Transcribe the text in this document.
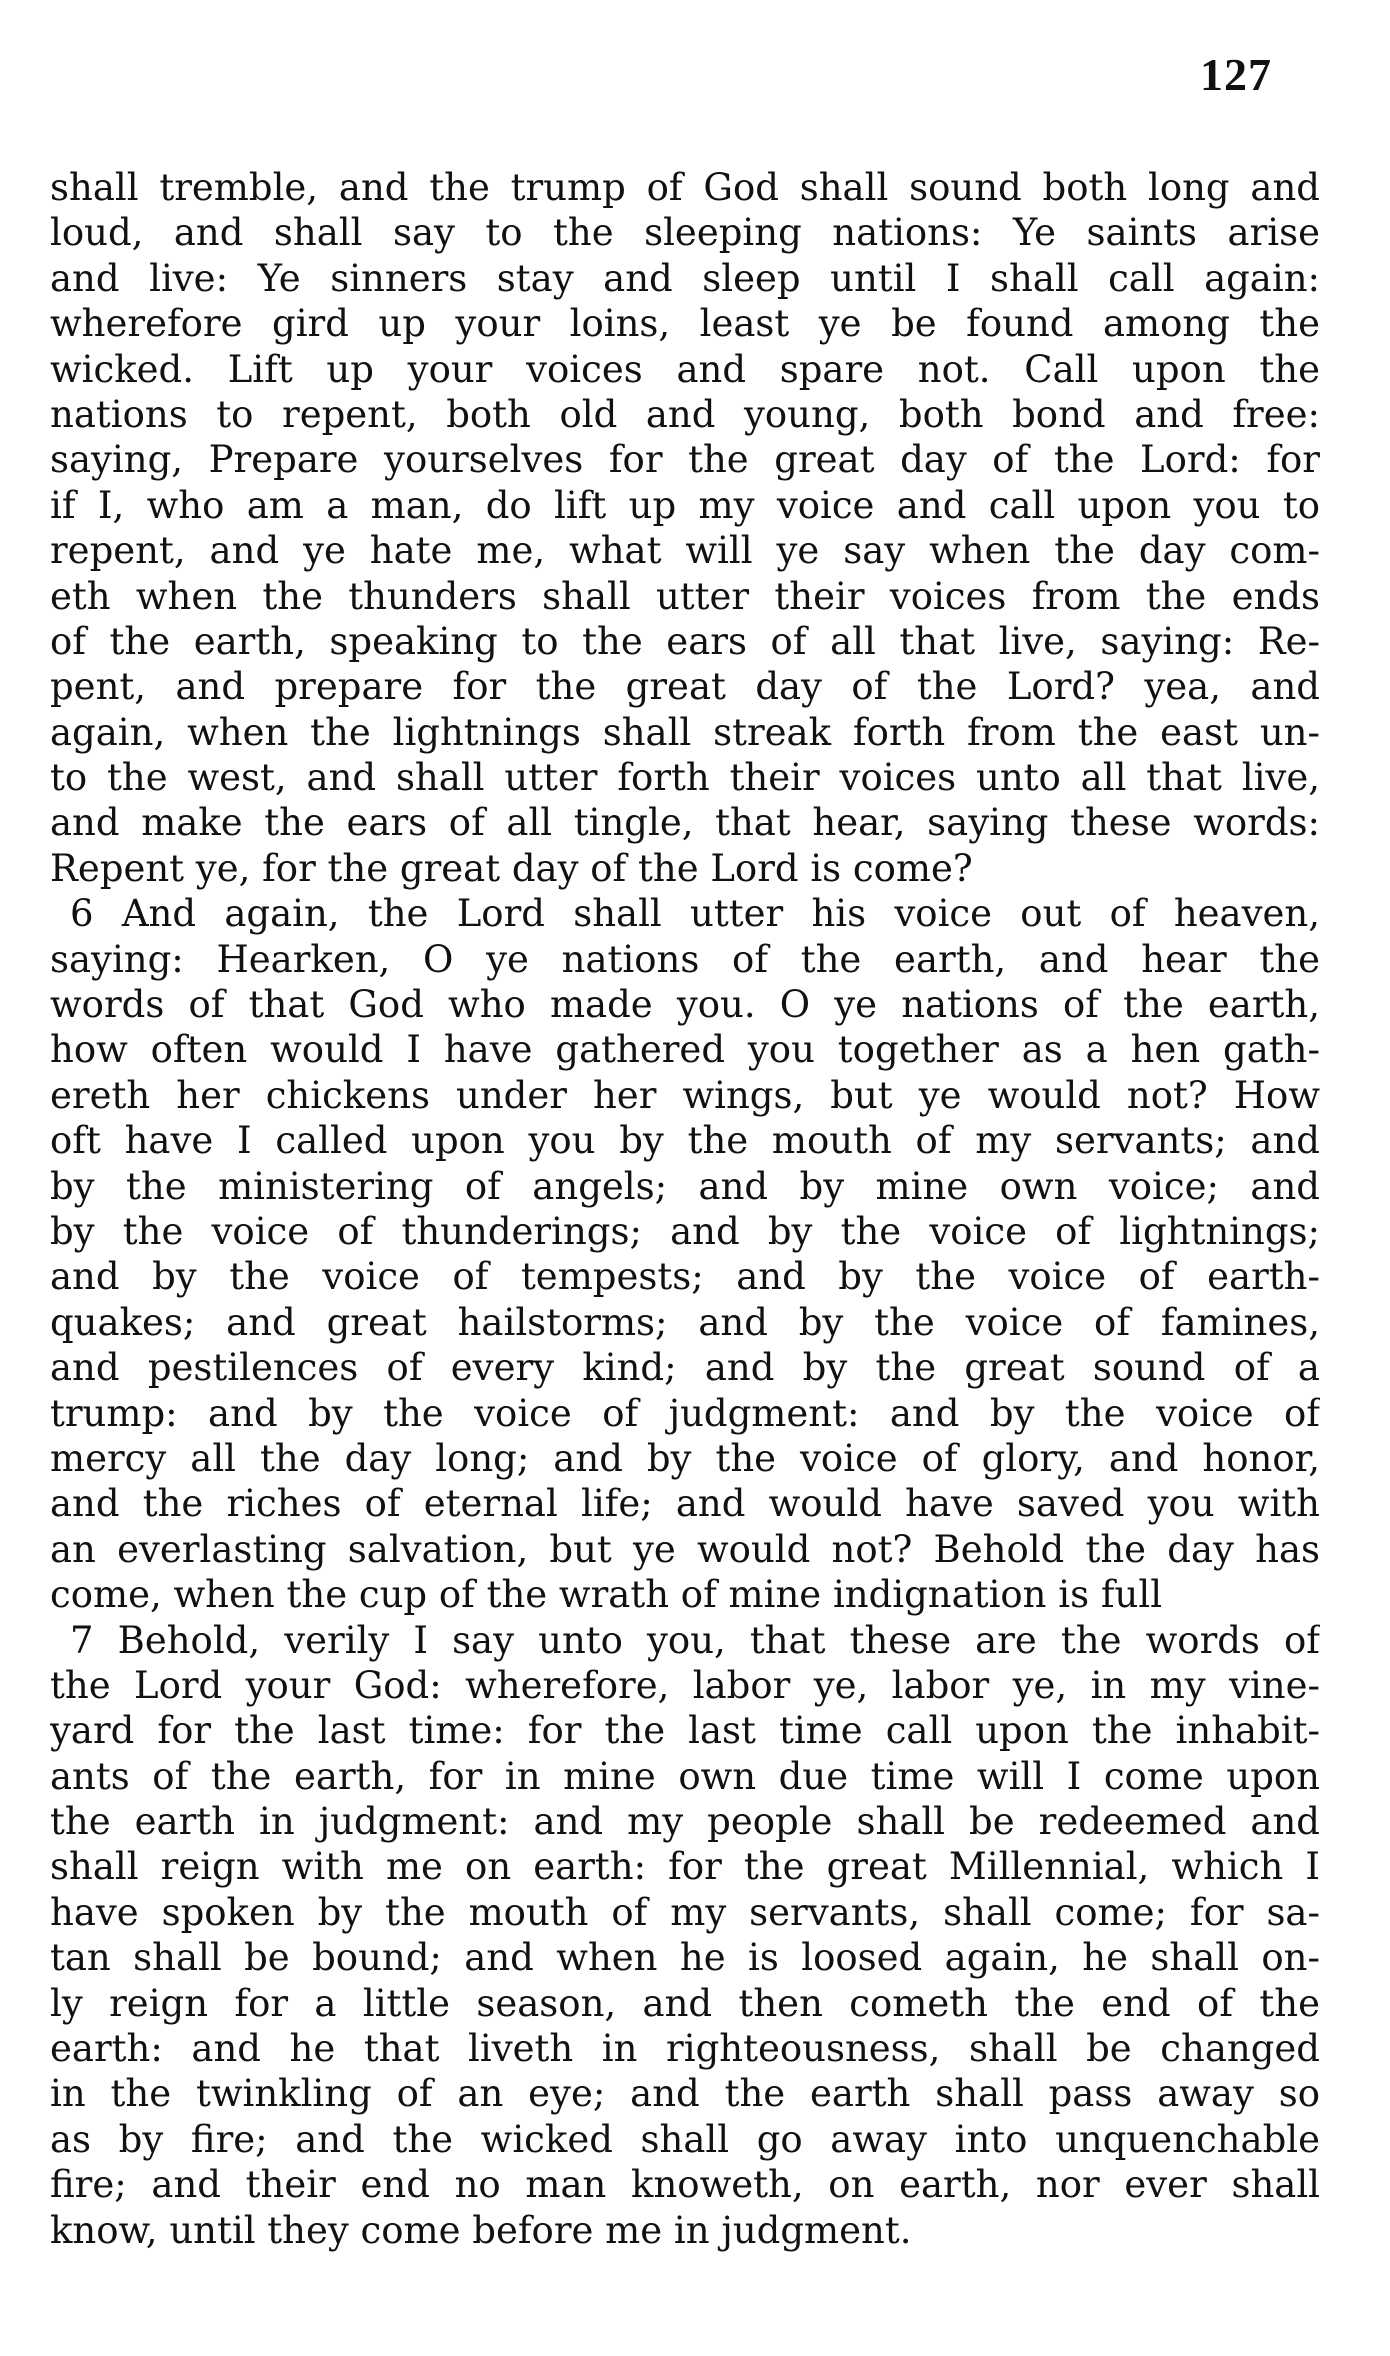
127
shall tremble, and the trump of God shall sound both long and
loud, and shall say to the sleeping nations: Ye saints arise
and live: Ye sinners stay and sleep until I shall call again:
wherefore gird up your loins, least ye be found among the
wicked. Lift up your voices and spare not. Call upon the
nations to repent, both old and young, both bond and free:
saying, Prepare yourselves for the great day of the Lord: for
if I, who am a man, do lift up my voice and call upon you to
repent, and ye hate me, what will ye say when the day com-
eth when the thunders shall utter their voices from the ends
of the earth, speaking to the ears of all that live, saying: Re-
pent, and prepare for the great day of the Lord? yea, and
again, when the lightnings shall streak forth from the east un-
to the west, and shall utter forth their voices unto all that live,
and make the ears of all tingle, that hear, saying these words:
Repent ye, for the great day of the Lord is come?
6 And again, the Lord shall utter his voice out of heaven,
saying: Hearken, O ye nations of the earth, and hear the
words of that God who made you. O ye nations of the earth,
how often would I have gathered you together as a hen gath-
ereth her chickens under her wings, but ye would not? How
oft have I called upon you by the mouth of my servants; and
by the ministering of angels; and by mine own voice; and
by the voice of thunderings; and by the voice of lightnings;
and by the voice of tempests; and by the voice of earth-
quakes; and great hailstorms; and by the voice of famines,
and pestilences of every kind; and by the great sound of a
trump: and by the voice of judgment: and by the voice of
mercy all the day long; and by the voice of glory, and honor,
and the riches of eternal life; and would have saved you with
an everlasting salvation, but ye would not? Behold the day has
come, when the cup of the wrath of mine indignation is full
7 Behold, verily I say unto you, that these are the words of
the Lord your God: wherefore, labor ye, labor ye, in my vine-
yard for the last time: for the last time call upon the inhabit-
ants of the earth, for in mine own due time will I come upon
the earth in judgment: and my people shall be redeemed and
shall reign with me on earth: for the great Millennial, which I
have spoken by the mouth of my servants, shall come; for sa-
tan shall be bound; and when he is loosed again, he shall on-
ly reign for a little season, and then cometh the end of the
earth: and he that liveth in righteousness, shall be changed
in the twinkling of an eye; and the earth shall pass away so
as by fire; and the wicked shall go away into unquenchable
fire; and their end no man knoweth, on earth, nor ever shall
know, until they come before me in judgment.
